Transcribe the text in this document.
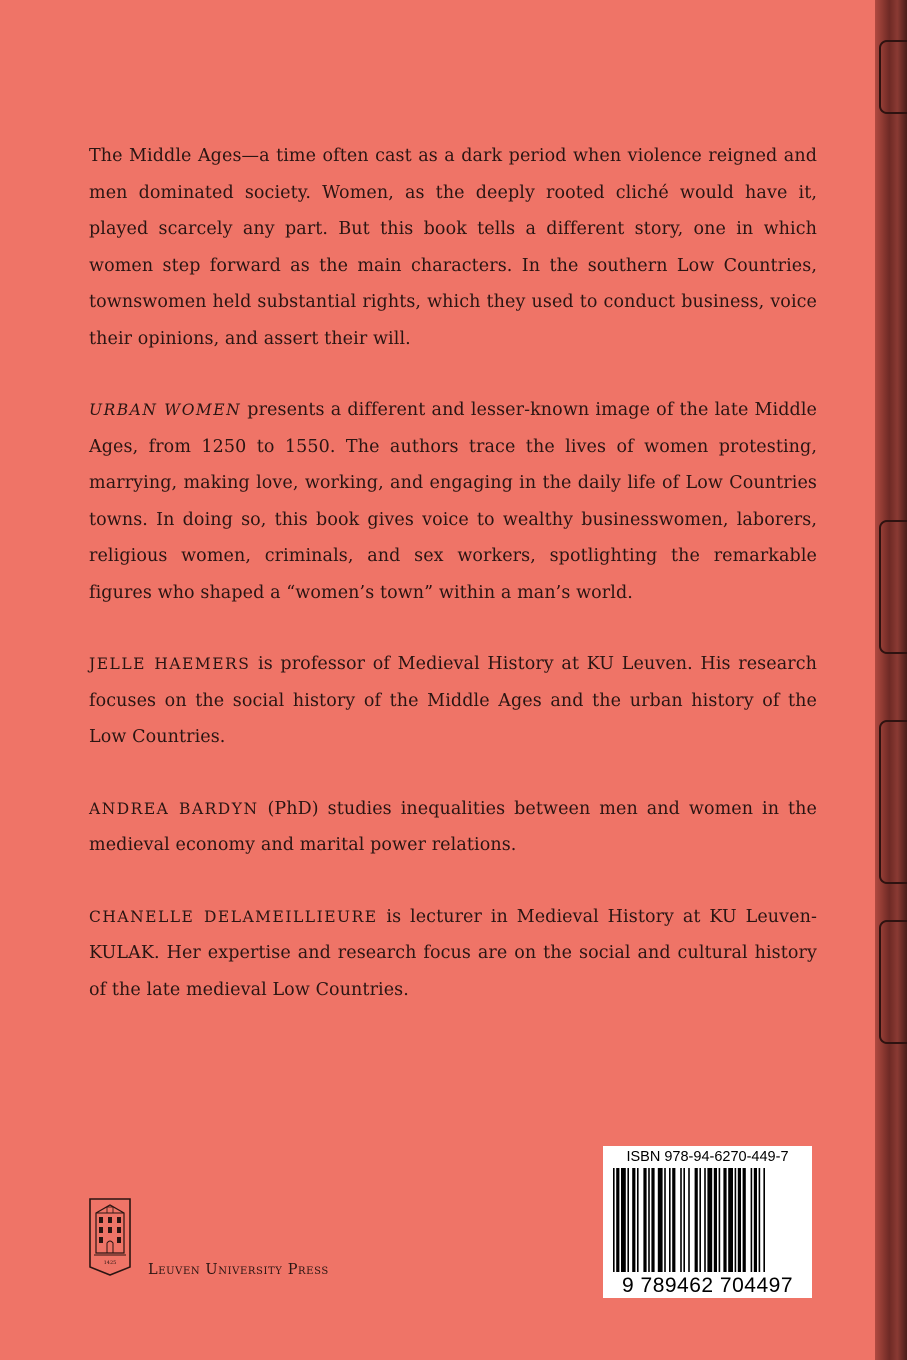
The Middle Ages—a time often cast as a dark period when violence reigned and men dominated society. Women, as the deeply rooted cliché would have it, played scarcely any part. But this book tells a different story, one in which women step forward as the main characters. In the southern Low Countries, townswomen held substantial rights, which they used to conduct business, voice their opinions, and assert their will.

URBAN WOMEN presents a different and lesser-known image of the late Middle Ages, from 1250 to 1550. The authors trace the lives of women protesting, marrying, making love, working, and engaging in the daily life of Low Countries towns. In doing so, this book gives voice to wealthy businesswomen, laborers, religious women, criminals, and sex workers, spotlighting the remarkable figures who shaped a “women’s town” within a man’s world.

JELLE HAEMERS is professor of Medieval History at KU Leuven. His research focuses on the social history of the Middle Ages and the urban history of the Low Countries.

ANDREA BARDYN (PhD) studies inequalities between men and women in the medieval economy and marital power relations.

CHANELLE DELAMEILLIEURE is lecturer in Medieval History at KU Leuven-KULAK. Her expertise and research focus are on the social and cultural history of the late medieval Low Countries.

ISBN 978-94-6270-449-7
9 789462 704497
1425 Leuven University Press
